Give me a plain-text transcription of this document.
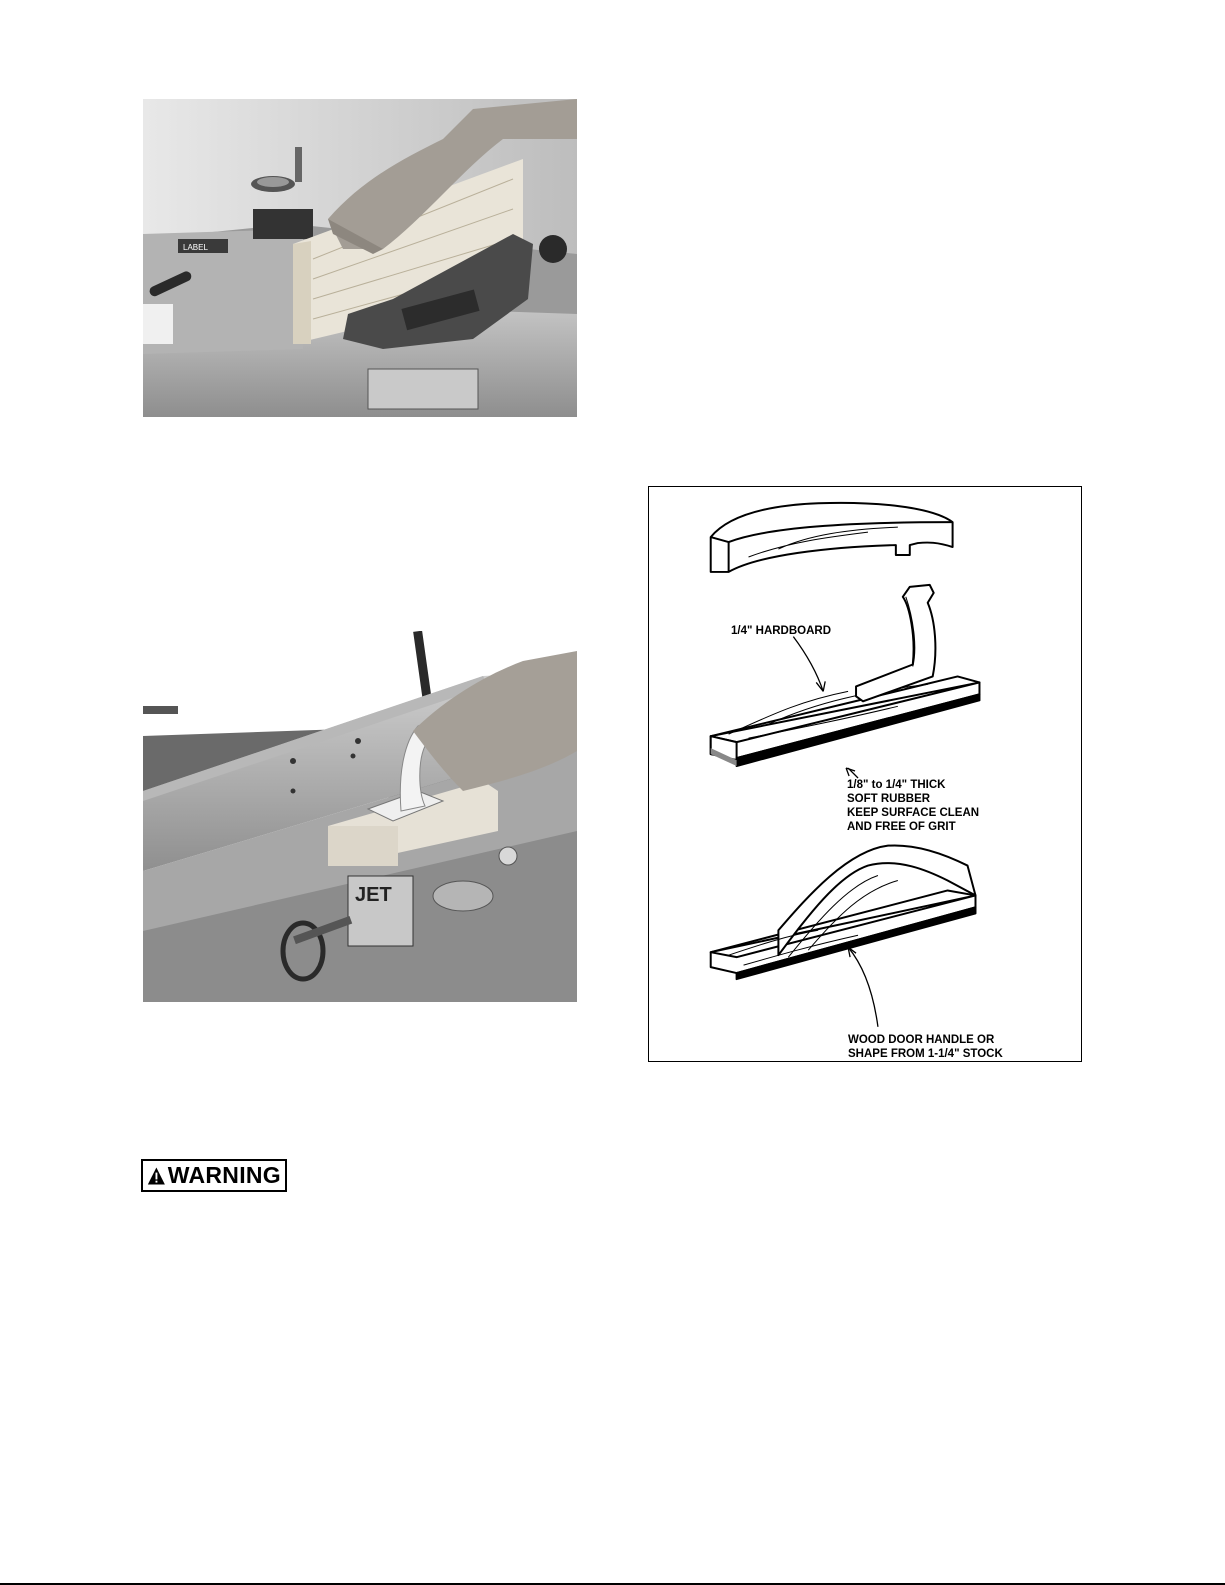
LABEL
JET
1/4" HARDBOARD
1/8" to 1/4" THICK
SOFT RUBBER
KEEP SURFACE CLEAN
AND FREE OF GRIT
WOOD DOOR HANDLE OR
SHAPE FROM 1-1/4" STOCK
WARNING
